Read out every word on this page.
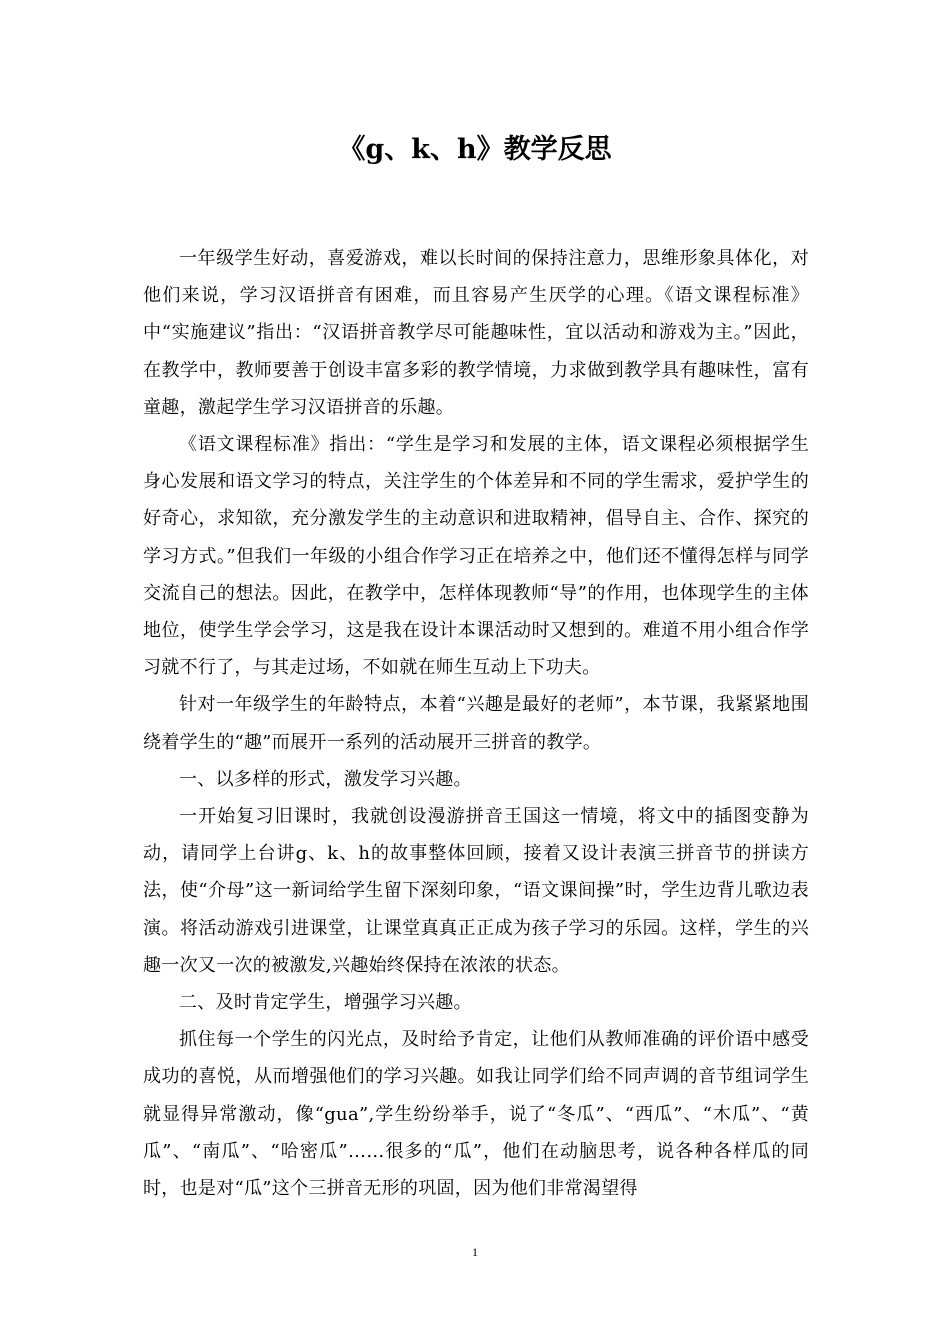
《g、k、h》教学反思

一年级学生好动，喜爱游戏，难以长时间的保持注意力，思维形象具体化，对他们来说，学习汉语拼音有困难，而且容易产生厌学的心理。《语文课程标准》中“实施建议”指出：“汉语拼音教学尽可能趣味性，宜以活动和游戏为主。”因此，在教学中，教师要善于创设丰富多彩的教学情境，力求做到教学具有趣味性，富有童趣，激起学生学习汉语拼音的乐趣。

《语文课程标准》指出：“学生是学习和发展的主体，语文课程必须根据学生身心发展和语文学习的特点，关注学生的个体差异和不同的学生需求，爱护学生的好奇心，求知欲，充分激发学生的主动意识和进取精神，倡导自主、合作、探究的学习方式。”但我们一年级的小组合作学习正在培养之中，他们还不懂得怎样与同学交流自己的想法。因此，在教学中，怎样体现教师“导”的作用，也体现学生的主体地位，使学生学会学习，这是我在设计本课活动时又想到的。难道不用小组合作学习就不行了，与其走过场，不如就在师生互动上下功夫。

针对一年级学生的年龄特点，本着“兴趣是最好的老师”，本节课，我紧紧地围绕着学生的“趣”而展开一系列的活动展开三拼音的教学。

一、以多样的形式，激发学习兴趣。

一开始复习旧课时，我就创设漫游拼音王国这一情境，将文中的插图变静为动，请同学上台讲g、k、h的故事整体回顾，接着又设计表演三拼音节的拼读方法，使“介母”这一新词给学生留下深刻印象，“语文课间操”时，学生边背儿歌边表演。将活动游戏引进课堂，让课堂真真正正成为孩子学习的乐园。这样，学生的兴趣一次又一次的被激发,兴趣始终保持在浓浓的状态。

二、及时肯定学生，增强学习兴趣。

抓住每一个学生的闪光点，及时给予肯定，让他们从教师准确的评价语中感受成功的喜悦，从而增强他们的学习兴趣。如我让同学们给不同声调的音节组词学生就显得异常激动，像“gua”,学生纷纷举手，说了“冬瓜”、“西瓜”、“木瓜”、“黄瓜”、“南瓜”、“哈密瓜”……很多的“瓜”，他们在动脑思考，说各种各样瓜的同时，也是对“瓜”这个三拼音无形的巩固，因为他们非常渴望得

1
